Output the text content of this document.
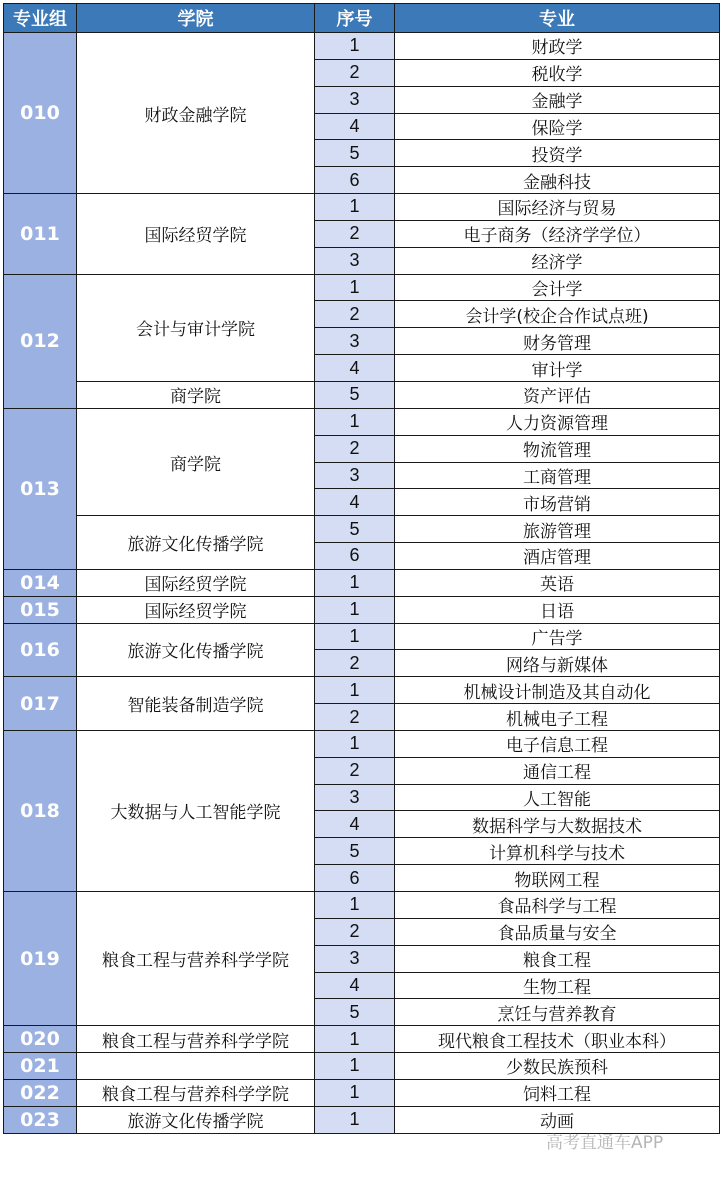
专业组	学院	序号	专业
010	财政金融学院	1	财政学
		2	税收学
		3	金融学
		4	保险学
		5	投资学
		6	金融科技
011	国际经贸学院	1	国际经济与贸易
		2	电子商务（经济学学位）
		3	经济学
012	会计与审计学院	1	会计学
		2	会计学(校企合作试点班)
		3	财务管理
		4	审计学
	商学院	5	资产评估
013	商学院	1	人力资源管理
		2	物流管理
		3	工商管理
		4	市场营销
	旅游文化传播学院	5	旅游管理
		6	酒店管理
014	国际经贸学院	1	英语
015	国际经贸学院	1	日语
016	旅游文化传播学院	1	广告学
		2	网络与新媒体
017	智能装备制造学院	1	机械设计制造及其自动化
		2	机械电子工程
018	大数据与人工智能学院	1	电子信息工程
		2	通信工程
		3	人工智能
		4	数据科学与大数据技术
		5	计算机科学与技术
		6	物联网工程
019	粮食工程与营养科学学院	1	食品科学与工程
		2	食品质量与安全
		3	粮食工程
		4	生物工程
		5	烹饪与营养教育
020	粮食工程与营养科学学院	1	现代粮食工程技术（职业本科）
021		1	少数民族预科
022	粮食工程与营养科学学院	1	饲料工程
023	旅游文化传播学院	1	动画
高考直通车APP
